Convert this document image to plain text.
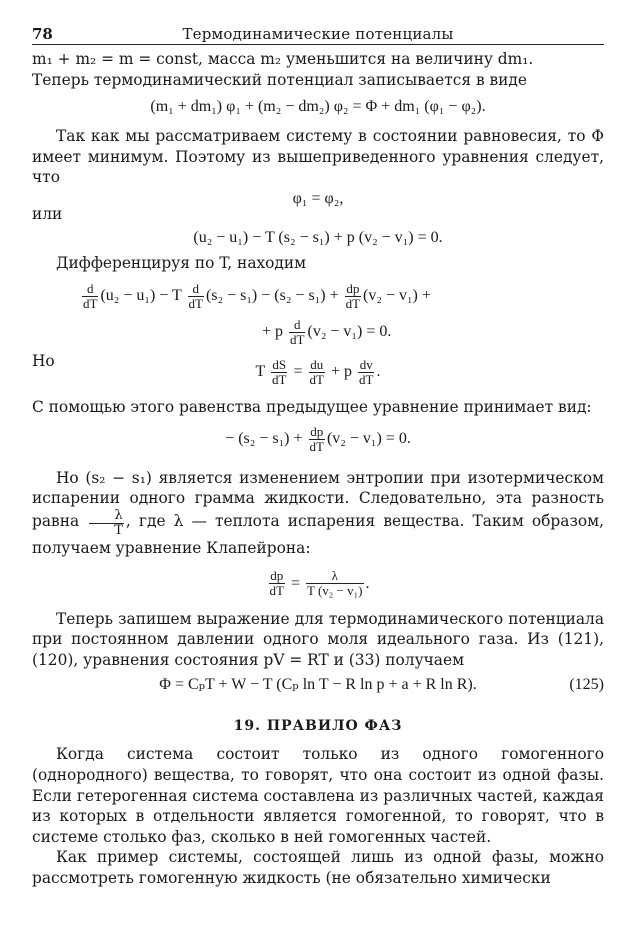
78	Термодинамические потенциалы

m₁ + m₂ = m = const, масса m₂ уменьшится на величину dm₁.

Теперь термодинамический потенциал записывается в виде

(m₁ + dm₁) φ₁ + (m₂ − dm₂) φ₂ = Φ + dm₁ (φ₁ − φ₂).

Так как мы рассматриваем систему в состоянии равновесия, то Φ имеет минимум. Поэтому из вышеприведенного уравнения следует, что

φ₁ = φ₂,

или

(u₂ − u₁) − T (s₂ − s₁) + p (v₂ − v₁) = 0.

Дифференцируя по T, находим

$\frac{d}{dT} (u_2 - u_1) - T \frac{d}{dT} (s_2 - s_1) - (s_2 - s_1) + \frac{dp}{dT} (v_2 - v_1)$ +
+ p $\frac{d}{dT} (v_2 - v_1) = 0$.
Но
T $\frac{dS}{dT} = \frac{du}{dT} + p \frac{dv}{dT}$ .

С помощью этого равенства предыдущее уравнение принимает вид:

− $(s_2 - s_1) + \frac{dp}{dT} (v_2 - v_1) = 0$.

Но (s₂ − s₁) является изменением энтропии при изотермическом испарении одного грамма жидкости. Следовательно, эта разность равна $\frac{\lambda}{T}$ , где λ — теплота испарения вещества. Таким образом, получаем уравнение Клапейрона:

$\frac{dp}{dT} = \frac{\lambda}{\text{T (v₂ − v₁)}}$ .

Теперь запишем выражение для термодинамического потенциала при постоянном давлении одного моля идеального газа. Из (121), (120), уравнения состояния pV = RT и (33) получаем

Φ = CₚT + W − T (Cₚ ln T − R ln p + a + R ln R).	(125)

19. ПРАВИЛО ФАЗ

Когда система состоит только из одного гомогенного (однородного) вещества, то говорят, что она состоит из одной фазы. Если гетерогенная система составлена из различных частей, каждая из которых в отдельности является гомогенной, то говорят, что в системе столько фаз, сколько в ней гомогенных частей.

Как пример системы, состоящей лишь из одной фазы, можно рассмотреть гомогенную жидкость (не обязательно химически
